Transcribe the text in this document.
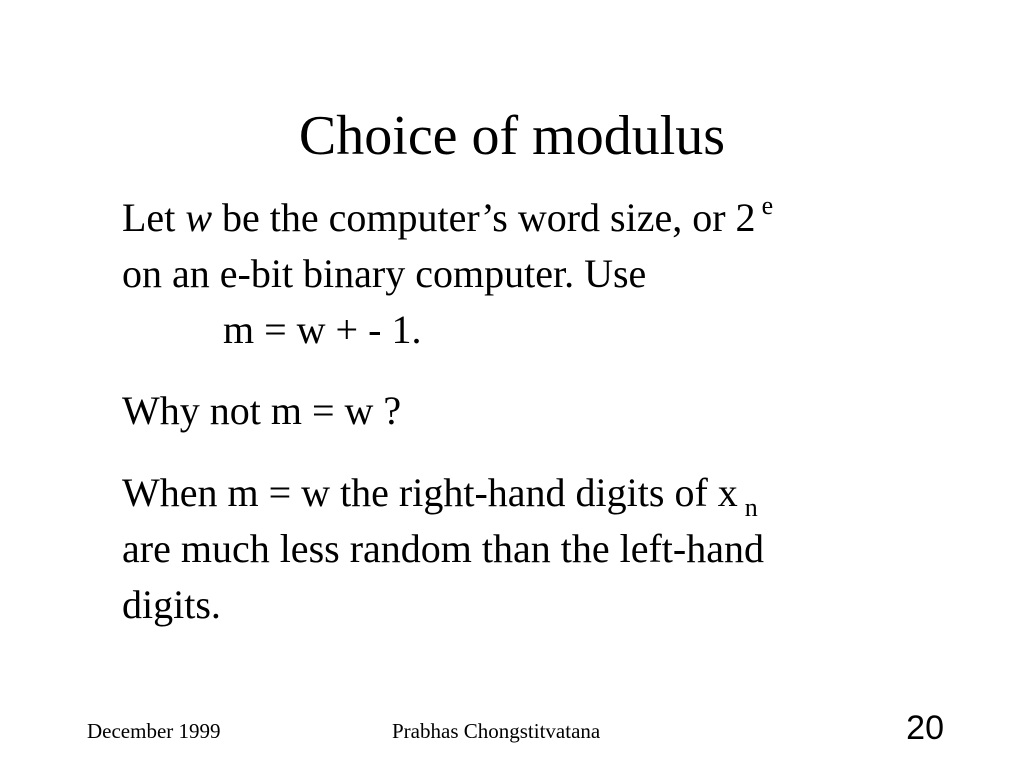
Choice of modulus
Let w be the computer’s word size, or 2 $^e$
on an e-bit binary computer. Use
m = w + - 1.
Why not m = w ?
When m = w the right-hand digits of x $_n$
are much less random than the left-hand
digits.
December 1999	Prabhas Chongstitvatana	20
